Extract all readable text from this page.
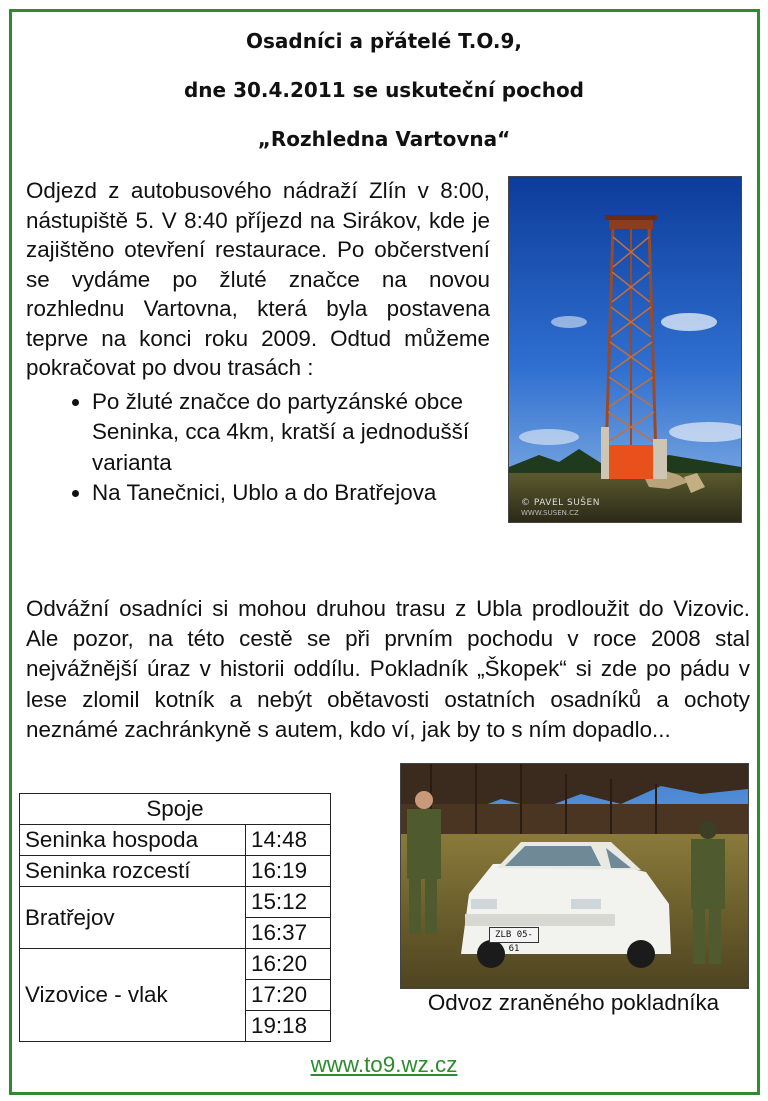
Osadníci a přátelé T.O.9,
dne 30.4.2011 se uskuteční pochod
„Rozhledna Vartovna“

Odjezd z autobusového nádraží Zlín v 8:00, nástupiště 5. V 8:40 příjezd na Sirákov, kde je zajištěno otevření restaurace. Po občerstvení se vydáme po žluté značce na novou rozhlednu Vartovna, která byla postavena teprve na konci roku 2009. Odtud můžeme pokračovat po dvou trasách :

• Po žluté značce do partyzánské obce Seninka, cca 4km, kratší a jednodušší varianta
• Na Tanečnici, Ublo a do Bratřejova	© PAVEL SUŠEN
WWW.SUSEN.CZ

Odvážní osadníci si mohou druhou trasu z Ubla prodloužit do Vizovic. Ale pozor, na této cestě se při prvním pochodu v roce 2008 stal nejvážnější úraz v historii oddílu. Pokladník „Škopek“ si zde po pádu v lese zlomil kotník a nebýt obětavosti ostatních osadníků a ochoty neznámé zachránkyně s autem, kdo ví, jak by to s ním dopadlo...

Spoje	
Seninka hospoda	14:48
Seninka rozcestí	16:19
Bratřejov	15:12
	16:37
Vizovice - vlak	16:20
	17:20
	19:18
ZLB 05-61
Odvoz zraněného pokladníka
www.to9.wz.cz
